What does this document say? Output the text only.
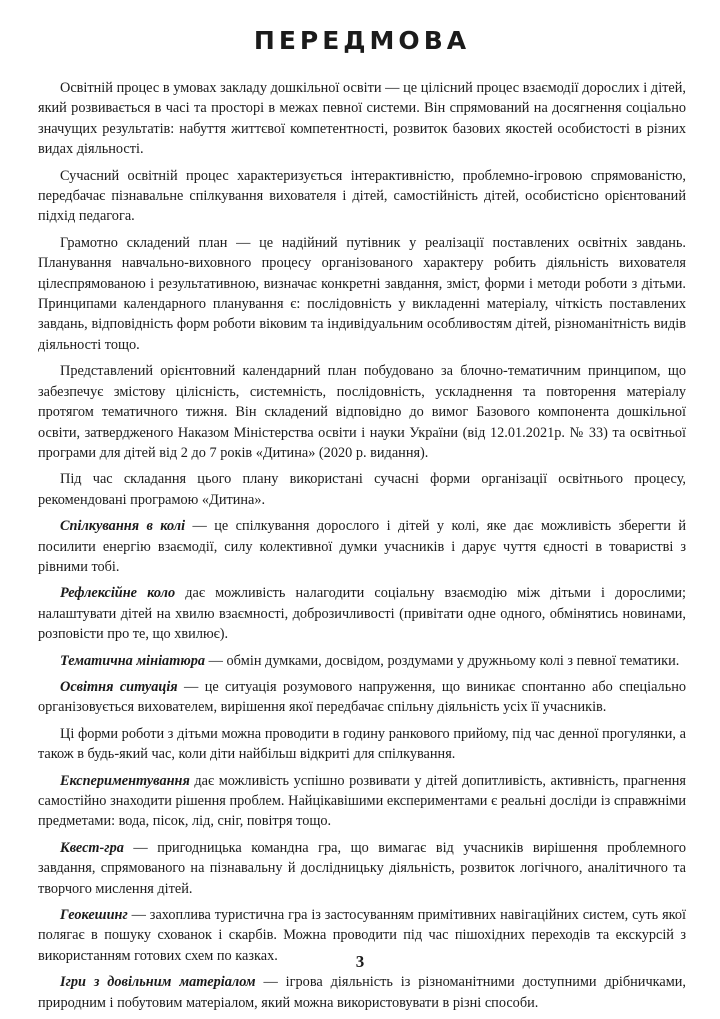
ПЕРЕДМОВА

Освітній процес в умовах закладу дошкільної освіти — це цілісний процес взаємодії дорослих і дітей, який розвивається в часі та просторі в межах певної системи. Він спрямований на досягнення соціально значущих результатів: набуття життєвої компетентності, розвиток базових якостей особистості в різних видах діяльності.

Сучасний освітній процес характеризується інтерактивністю, проблемно-ігровою спрямованістю, передбачає пізнавальне спілкування вихователя і дітей, самостійність дітей, особистісно орієнтований підхід педагога.

Грамотно складений план — це надійний путівник у реалізації поставлених освітніх завдань. Планування навчально-виховного процесу організованого характеру робить діяльність вихователя цілеспрямованою і результативною, визначає конкретні завдання, зміст, форми і методи роботи з дітьми. Принципами календарного планування є: послідовність у викладенні матеріалу, чіткість поставлених завдань, відповідність форм роботи віковим та індивідуальним особливостям дітей, різноманітність видів діяльності тощо.

Представлений орієнтовний календарний план побудовано за блочно-тематичним принципом, що забезпечує змістову цілісність, системність, послідовність, ускладнення та повторення матеріалу протягом тематичного тижня. Він складений відповідно до вимог Базового компонента дошкільної освіти, затвердженого Наказом Міністерства освіти і науки України (від 12.01.2021р. № 33) та освітньої програми для дітей від 2 до 7 років «Дитина» (2020 р. видання).

Під час складання цього плану використані сучасні форми організації освітнього процесу, рекомендовані програмою «Дитина».

Спілкування в колі — це спілкування дорослого і дітей у колі, яке дає можливість зберегти й посилити енергію взаємодії, силу колективної думки учасників і дарує чуття єдності в товаристві з рівними тобі.

Рефлексійне коло дає можливість налагодити соціальну взаємодію між дітьми і дорослими; налаштувати дітей на хвилю взаємності, доброзичливості (привітати одне одного, обмінятись новинами, розповісти про те, що хвилює).

Тематична мініатюра — обмін думками, досвідом, роздумами у дружньому колі з певної тематики.

Освітня ситуація — це ситуація розумового напруження, що виникає спонтанно або спеціально організовується вихователем, вирішення якої передбачає спільну діяльність усіх її учасників.

Ці форми роботи з дітьми можна проводити в годину ранкового прийому, під час денної прогулянки, а також в будь-який час, коли діти найбільш відкриті для спілкування.

Експериментування дає можливість успішно розвивати у дітей допитливість, активність, прагнення самостійно знаходити рішення проблем. Найцікавішими експериментами є реальні досліди із справжніми предметами: вода, пісок, лід, сніг, повітря тощо.

Квест-гра — пригодницька командна гра, що вимагає від учасників вирішення проблемного завдання, спрямованого на пізнавальну й дослідницьку діяльність, розвиток логічного, аналітичного та творчого мислення дітей.

Геокешинг — захоплива туристична гра із застосуванням примітивних навігаційних систем, суть якої полягає в пошуку схованок і скарбів. Можна проводити під час пішохідних переходів та екскурсій з використанням готових схем по казках.

Ігри з довільним матеріалом — ігрова діяльність із різноманітними доступними дрібничками, природним і побутовим матеріалом, який можна використовувати в різні способи.

3
